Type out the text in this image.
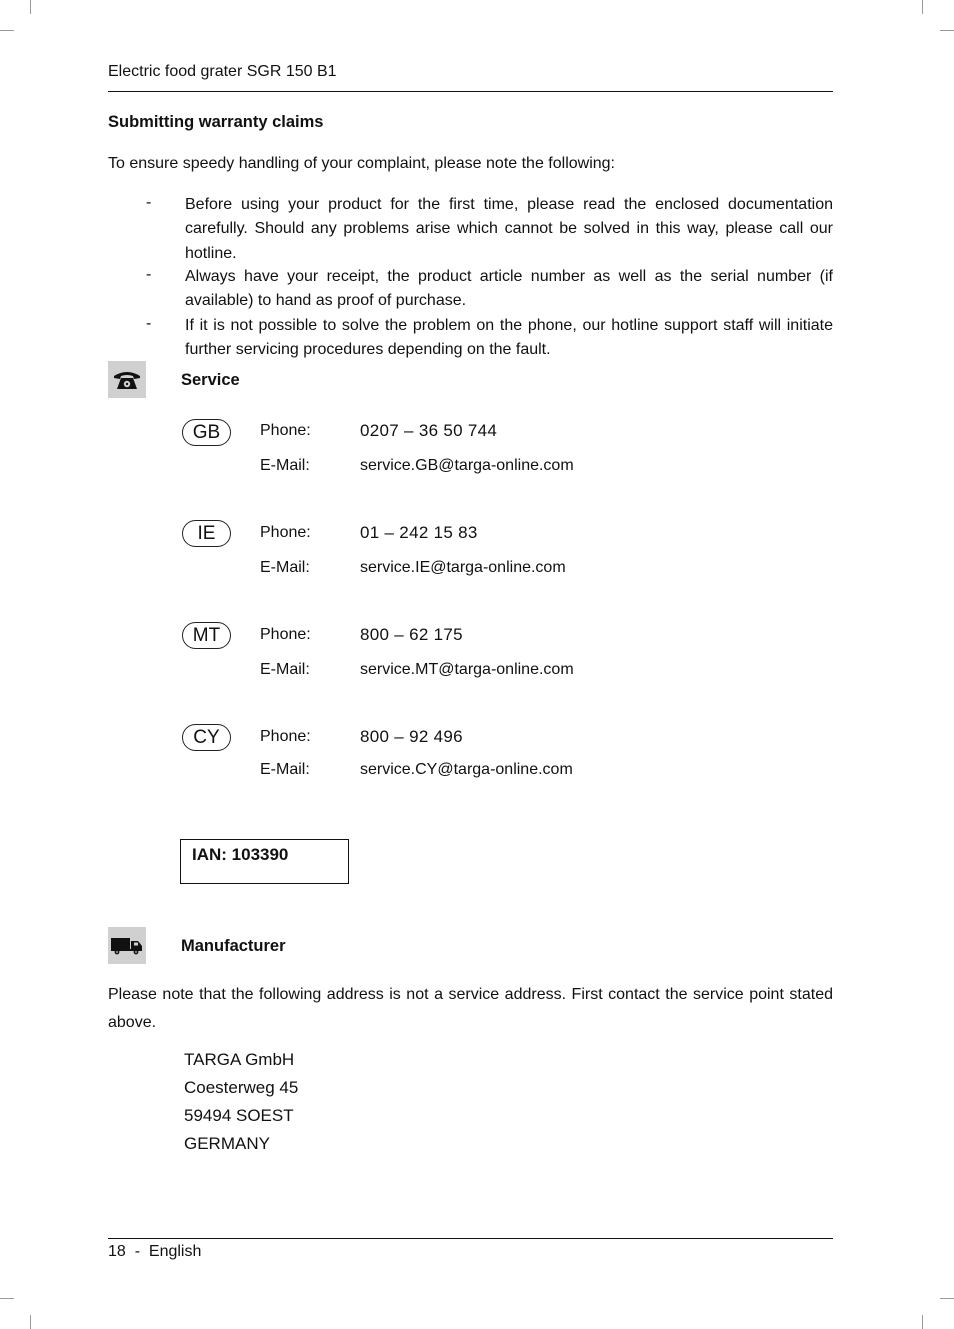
Electric food grater SGR 150 B1
Submitting warranty claims
To ensure speedy handling of your complaint, please note the following:
- Before using your product for the first time, please read the enclosed documentation carefully. Should any problems arise which cannot be solved in this way, please call our hotline.
- Always have your receipt, the product article number as well as the serial number (if available) to hand as proof of purchase.
- If it is not possible to solve the problem on the phone, our hotline support staff will initiate further servicing procedures depending on the fault.
Service
GB	Phone:	0207 – 36 50 744
E-Mail:	service.GB@targa-online.com
IE	Phone:	01 – 242 15 83
E-Mail:	service.IE@targa-online.com
MT	Phone:	800 – 62 175
E-Mail:	service.MT@targa-online.com
CY	Phone:	800 – 92 496
E-Mail:	service.CY@targa-online.com
IAN: 103390
Manufacturer
Please note that the following address is not a service address. First contact the service point stated above.
TARGA GmbH
Coesterweg 45
59494 SOEST
GERMANY
18  -  English
